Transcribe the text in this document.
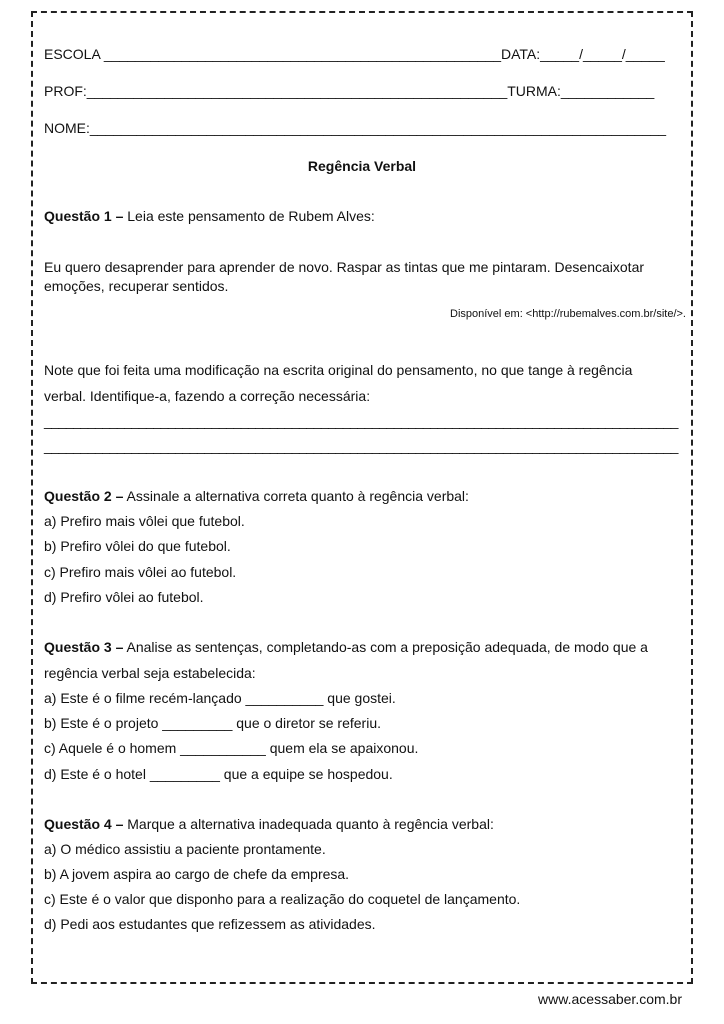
ESCOLA ___________________________________________________DATA:_____/_____/_____
PROF:______________________________________________________TURMA:____________
NOME:__________________________________________________________________________
Regência Verbal
Questão 1 – Leia este pensamento de Rubem Alves:
Eu quero desaprender para aprender de novo. Raspar as tintas que me pintaram. Desencaixotar
emoções, recuperar sentidos.
Disponível em: <http://rubemalves.com.br/site/>.
Note que foi feita uma modificação na escrita original do pensamento, no que tange à regência
verbal. Identifique-a, fazendo a correção necessária:
_______________________________________________________________________________________
_______________________________________________________________________________________
Questão 2 – Assinale a alternativa correta quanto à regência verbal:
a) Prefiro mais vôlei que futebol.
b) Prefiro vôlei do que futebol.
c) Prefiro mais vôlei ao futebol.
d) Prefiro vôlei ao futebol.
Questão 3 – Analise as sentenças, completando-as com a preposição adequada, de modo que a
regência verbal seja estabelecida:
a) Este é o filme recém-lançado __________ que gostei.
b) Este é o projeto _________ que o diretor se referiu.
c) Aquele é o homem ___________ quem ela se apaixonou.
d) Este é o hotel _________ que a equipe se hospedou.
Questão 4 – Marque a alternativa inadequada quanto à regência verbal:
a) O médico assistiu a paciente prontamente.
b) A jovem aspira ao cargo de chefe da empresa.
c) Este é o valor que disponho para a realização do coquetel de lançamento.
d) Pedi aos estudantes que refizessem as atividades.
www.acessaber.com.br
